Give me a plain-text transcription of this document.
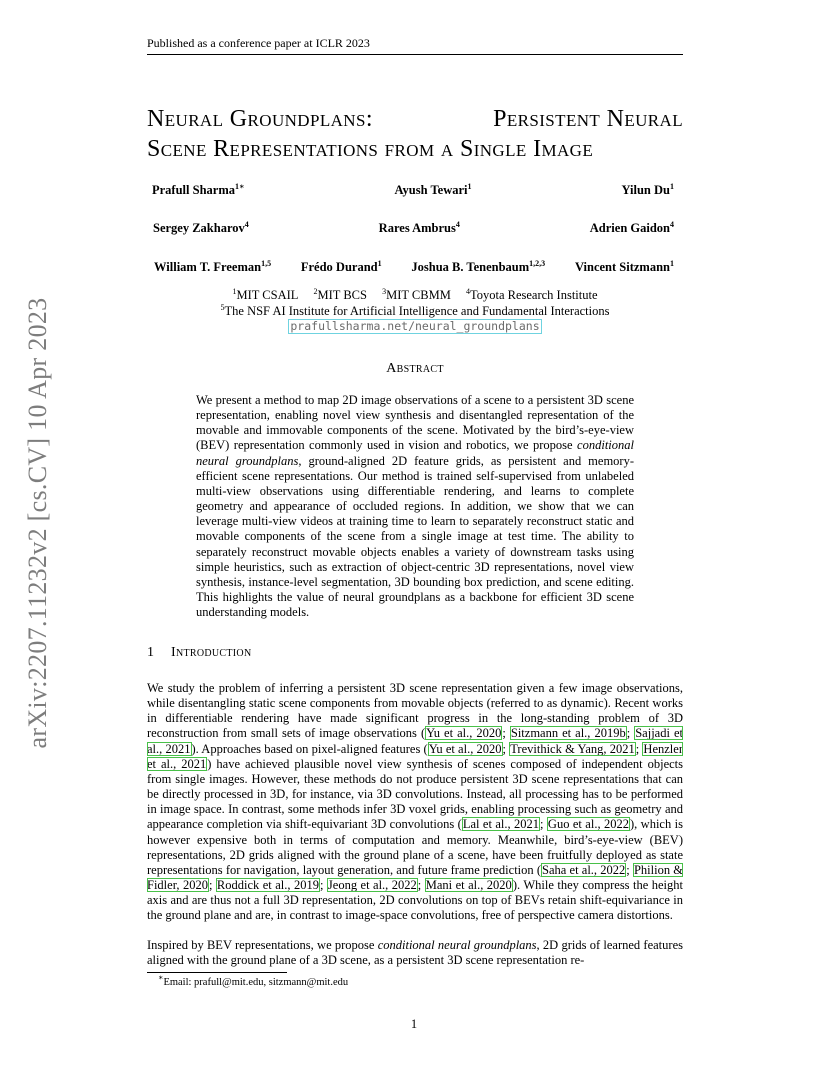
arXiv:2207.11232v2 [cs.CV] 10 Apr 2023
Published as a conference paper at ICLR 2023
Neural Groundplans:	Persistent Neural
Scene Representations from a Single Image
Prafull Sharma$^{1∗}$	Ayush Tewari$^1$	Yilun Du$^1$
Sergey Zakharov$^4$	Rares Ambrus$^4$	Adrien Gaidon$^4$
William T. Freeman$^{1,5}$ Frédo Durand$^1$ Joshua B. Tenenbaum$^{1,2,3}$ Vincent Sitzmann$^1$
$^1$MIT CSAIL $^2$MIT BCS $^3$MIT CBMM $^4$Toyota Research Institute
$^5$The NSF AI Institute for Artificial Intelligence and Fundamental Interactions
prafullsharma.net/neural_groundplans
Abstract
We present a method to map 2D image observations of a scene to a persistent 3D scene representation, enabling novel view synthesis and disentangled representation of the movable and immovable components of the scene. Motivated by the bird’s-eye-view (BEV) representation commonly used in vision and robotics, we propose conditional neural groundplans, ground-aligned 2D feature grids, as persistent and memory-efficient scene representations. Our method is trained self-supervised from unlabeled multi-view observations using differentiable rendering, and learns to complete geometry and appearance of occluded regions. In addition, we show that we can leverage multi-view videos at training time to learn to separately reconstruct static and movable components of the scene from a single image at test time. The ability to separately reconstruct movable objects enables a variety of downstream tasks using simple heuristics, such as extraction of object-centric 3D representations, novel view synthesis, instance-level segmentation, 3D bounding box prediction, and scene editing. This highlights the value of neural groundplans as a backbone for efficient 3D scene understanding models.
1 Introduction
We study the problem of inferring a persistent 3D scene representation given a few image observations, while disentangling static scene components from movable objects (referred to as dynamic). Recent works in differentiable rendering have made significant progress in the long-standing problem of 3D reconstruction from small sets of image observations (Yu et al., 2020; Sitzmann et al., 2019b; Sajjadi et al., 2021). Approaches based on pixel-aligned features (Yu et al., 2020; Trevithick & Yang, 2021; Henzler et al., 2021) have achieved plausible novel view synthesis of scenes composed of independent objects from single images. However, these methods do not produce persistent 3D scene representations that can be directly processed in 3D, for instance, via 3D convolutions. Instead, all processing has to be performed in image space. In contrast, some methods infer 3D voxel grids, enabling processing such as geometry and appearance completion via shift-equivariant 3D convolutions (Lal et al., 2021; Guo et al., 2022), which is however expensive both in terms of computation and memory. Meanwhile, bird’s-eye-view (BEV) representations, 2D grids aligned with the ground plane of a scene, have been fruitfully deployed as state representations for navigation, layout generation, and future frame prediction (Saha et al., 2022; Philion & Fidler, 2020; Roddick et al., 2019; Jeong et al., 2022; Mani et al., 2020). While they compress the height axis and are thus not a full 3D representation, 2D convolutions on top of BEVs retain shift-equivariance in the ground plane and are, in contrast to image-space convolutions, free of perspective camera distortions.
Inspired by BEV representations, we propose conditional neural groundplans, 2D grids of learned features aligned with the ground plane of a 3D scene, as a persistent 3D scene representation re-
∗Email: prafull@mit.edu, sitzmann@mit.edu
1
